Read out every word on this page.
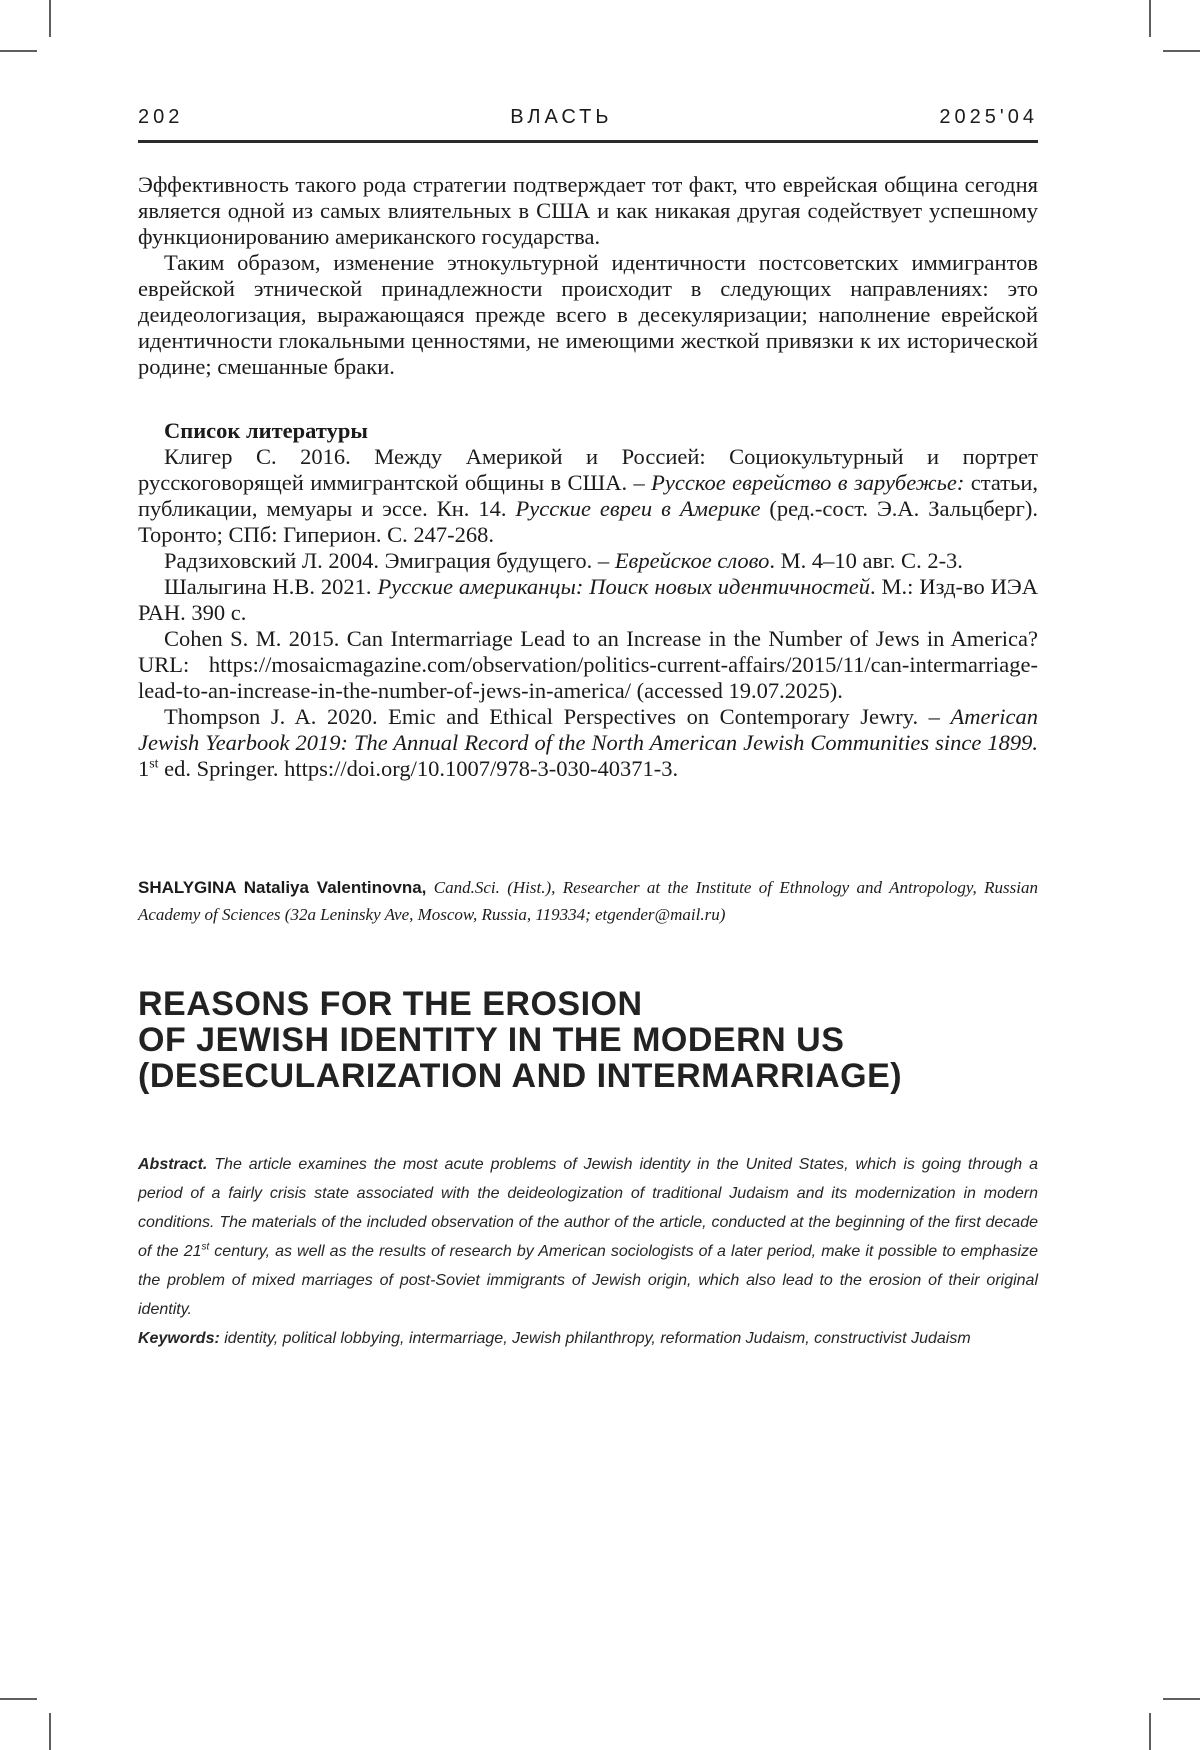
202	ВЛАСТЬ	2025'04

Эффективность такого рода стратегии подтверждает тот факт, что еврейская община сегодня является одной из самых влиятельных в США и как никакая другая содействует успешному функционированию американского государства.

Таким образом, изменение этнокультурной идентичности постсоветских иммигрантов еврейской этнической принадлежности происходит в следующих направлениях: это деидеологизация, выражающаяся прежде всего в десекуляризации; наполнение еврейской идентичности глокальными ценностями, не имеющими жесткой привязки к их исторической родине; смешанные браки.

Список литературы

Клигер С. 2016. Между Америкой и Россией: Социокультурный и портрет русскоговорящей иммигрантской общины в США. – Русское еврейство в зарубежье: статьи, публикации, мемуары и эссе. Кн. 14. Русские евреи в Америке (ред.-сост. Э.А. Зальцберг). Торонто; СПб: Гиперион. С. 247-268.

Радзиховский Л. 2004. Эмиграция будущего. – Еврейское слово. М. 4–10 авг. С. 2-3.

Шалыгина Н.В. 2021. Русские американцы: Поиск новых идентичностей. М.: Изд-во ИЭА РАН. 390 с.

Cohen S. M. 2015. Can Intermarriage Lead to an Increase in the Number of Jews in America? URL: https://mosaicmagazine.com/observation/politics-current-affairs/2015/11/can-intermarriage-lead-to-an-increase-in-the-number-of-jews-in-america/ (accessed 19.07.2025).

Thompson J. A. 2020. Emic and Ethical Perspectives on Contemporary Jewry. – American Jewish Yearbook 2019: The Annual Record of the North American Jewish Communities since 1899. 1st ed. Springer. https://doi.org/10.1007/978-3-030-40371-3.

SHALYGINA Nataliya Valentinovna, Cand.Sci. (Hist.), Researcher at the Institute of Ethnology and Antropology, Russian Academy of Sciences (32a Leninsky Ave, Moscow, Russia, 119334; etgender@mail.ru)
REASONS FOR THE EROSION
OF JEWISH IDENTITY IN THE MODERN US
(DESECULARIZATION AND INTERMARRIAGE)
Abstract. The article examines the most acute problems of Jewish identity in the United States, which is going through a period of a fairly crisis state associated with the deideologization of traditional Judaism and its modernization in modern conditions. The materials of the included observation of the author of the article, conducted at the beginning of the first decade of the 21st century, as well as the results of research by American sociologists of a later period, make it possible to emphasize the problem of mixed marriages of post-Soviet immigrants of Jewish origin, which also lead to the erosion of their original identity.
Keywords: identity, political lobbying, intermarriage, Jewish philanthropy, reformation Judaism, constructivist Judaism
